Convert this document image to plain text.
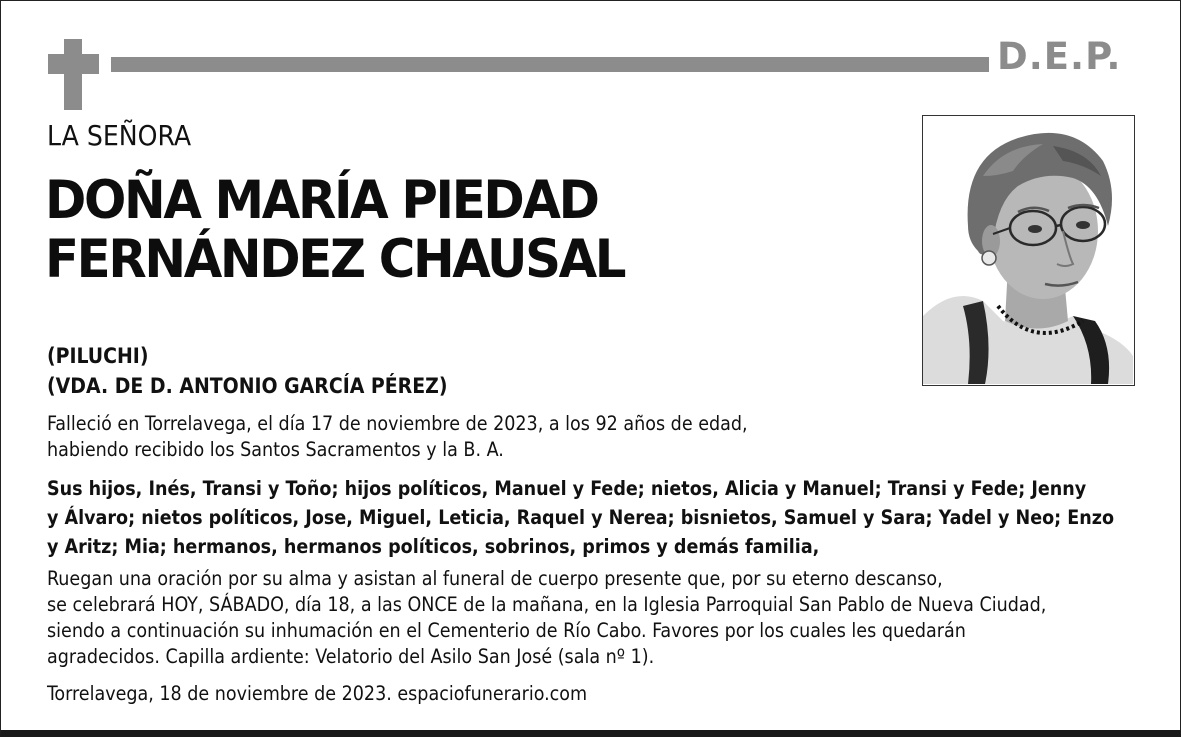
D.E.P.
LA SEÑORA
DOÑA MARÍA PIEDAD
FERNÁNDEZ CHAUSAL
(PILUCHI)
(VDA. DE D. ANTONIO GARCÍA PÉREZ)
Falleció en Torrelavega, el día 17 de noviembre de 2023, a los 92 años de edad,
habiendo recibido los Santos Sacramentos y la B. A.
Sus hijos, Inés, Transi y Toño; hijos políticos, Manuel y Fede; nietos, Alicia y Manuel; Transi y Fede; Jenny
y Álvaro; nietos políticos, Jose, Miguel, Leticia, Raquel y Nerea; bisnietos, Samuel y Sara; Yadel y Neo; Enzo
y Aritz; Mia; hermanos, hermanos políticos, sobrinos, primos y demás familia,
Ruegan una oración por su alma y asistan al funeral de cuerpo presente que, por su eterno descanso,
se celebrará HOY, SÁBADO, día 18, a las ONCE de la mañana, en la Iglesia Parroquial San Pablo de Nueva Ciudad,
siendo a continuación su inhumación en el Cementerio de Río Cabo. Favores por los cuales les quedarán
agradecidos. Capilla ardiente: Velatorio del Asilo San José (sala nº 1).
Torrelavega, 18 de noviembre de 2023. espaciofunerario.com
